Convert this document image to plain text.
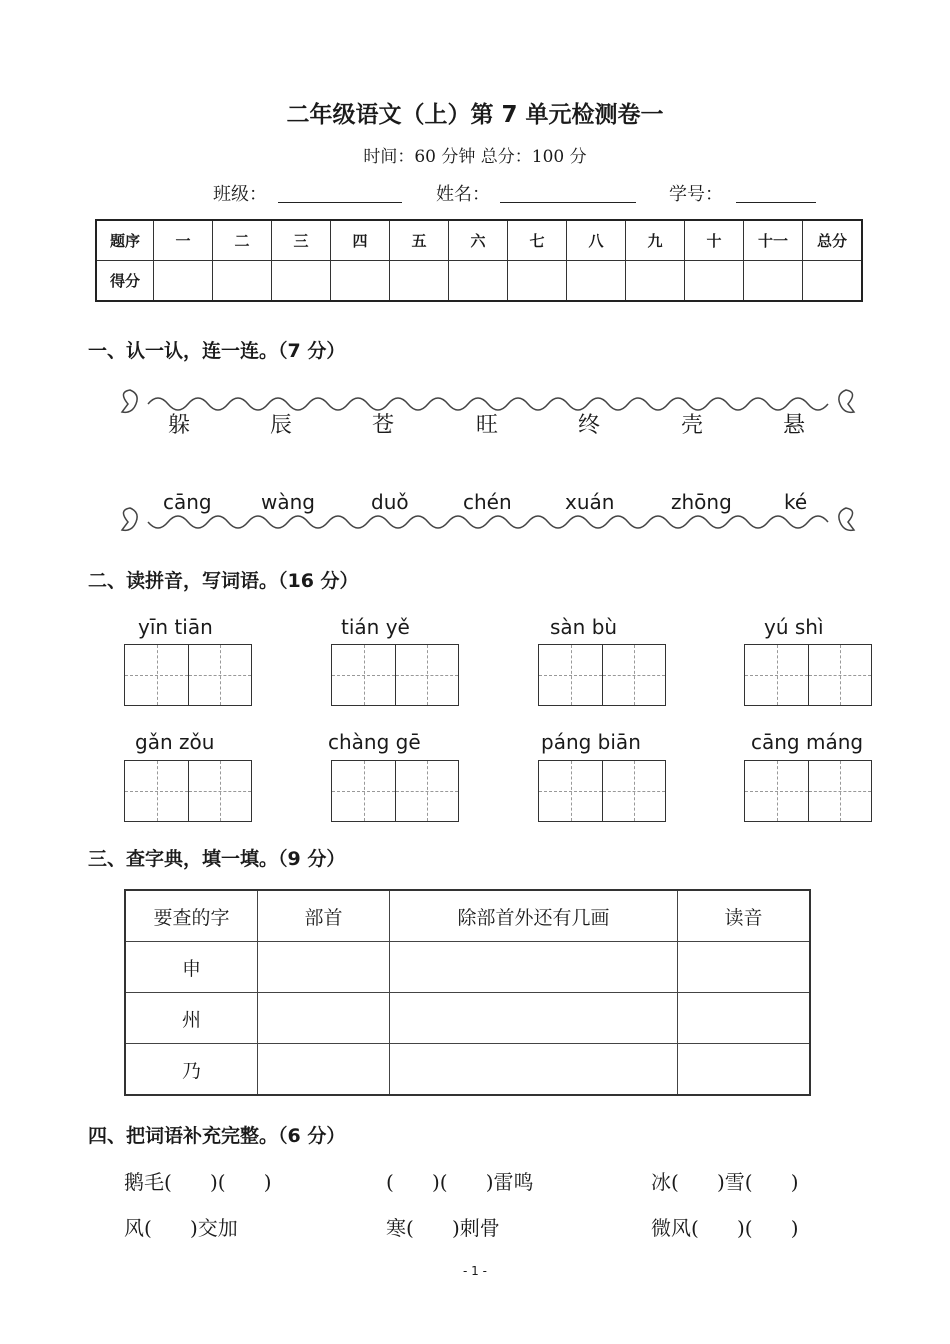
二年级语文（上）第 7 单元检测卷一
时间：60 分钟 总分：100 分
班级：	姓名：	学号：
题序	一	二	三	四	五	六	七	八	九	十	十一	总分
得分												
一、认一认，连一连。（7 分）
躲	辰	苍	旺	终	壳	悬
cāng wàng	duǒ	chén	xuán	zhōng	ké
二、读拼音，写词语。（16 分）
yīn tiān	tián yě	sàn bù	yú shì
gǎn zǒu	chàng gē	páng biān	cāng máng
三、查字典，填一填。（9 分）
要查的字	部首	除部首外还有几画	读音
申			
州			
乃			
四、把词语补充完整。（6 分）
鹅毛(      )(      )	(      )(      )雷鸣	冰(      )雪(      )
风(      )交加	寒(      )刺骨	微风(      )(      )
- 1 -
